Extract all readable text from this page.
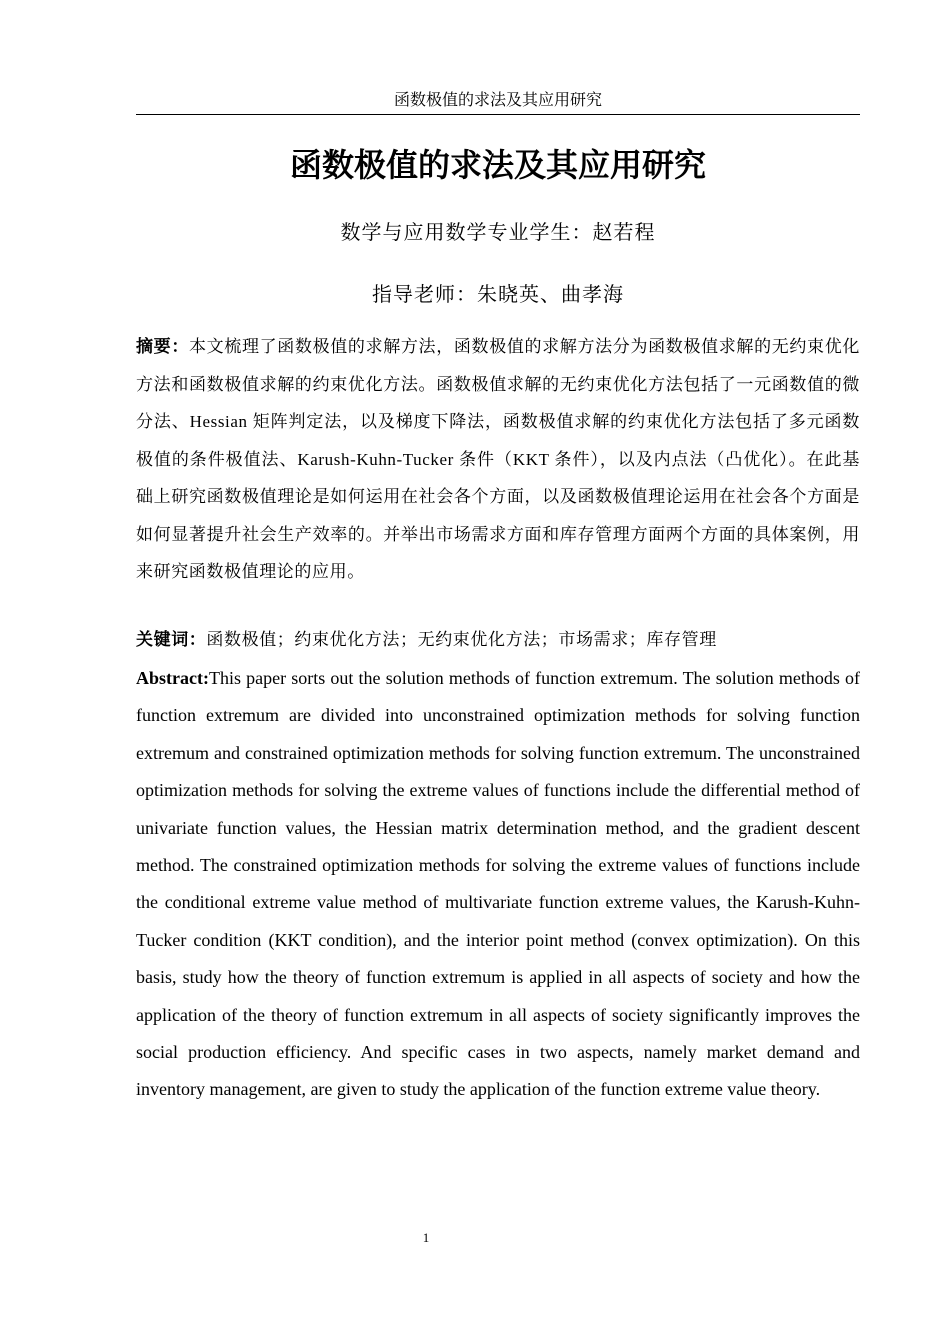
函数极值的求法及其应用研究
函数极值的求法及其应用研究
数学与应用数学专业学生：赵若程
指导老师：朱晓英、曲孝海

摘要：本文梳理了函数极值的求解方法，函数极值的求解方法分为函数极值求解的无约束优化方法和函数极值求解的约束优化方法。函数极值求解的无约束优化方法包括了一元函数值的微分法、Hessian 矩阵判定法，以及梯度下降法，函数极值求解的约束优化方法包括了多元函数极值的条件极值法、Karush-Kuhn-Tucker 条件（KKT 条件），以及内点法（凸优化）。在此基础上研究函数极值理论是如何运用在社会各个方面，以及函数极值理论运用在社会各个方面是如何显著提升社会生产效率的。并举出市场需求方面和库存管理方面两个方面的具体案例，用来研究函数极值理论的应用。

关键词：函数极值；约束优化方法；无约束优化方法；市场需求；库存管理

Abstract:This paper sorts out the solution methods of function extremum. The solution methods of function extremum are divided into unconstrained optimization methods for solving function extremum and constrained optimization methods for solving function extremum. The unconstrained optimization methods for solving the extreme values of functions include the differential method of univariate function values, the Hessian matrix determination method, and the gradient descent method. The constrained optimization methods for solving the extreme values of functions include the conditional extreme value method of multivariate function extreme values, the Karush-Kuhn-Tucker condition (KKT condition), and the interior point method (convex optimization). On this basis, study how the theory of function extremum is applied in all aspects of society and how the application of the theory of function extremum in all aspects of society significantly improves the social production efficiency. And specific cases in two aspects, namely market demand and inventory management, are given to study the application of the function extreme value theory.

1
